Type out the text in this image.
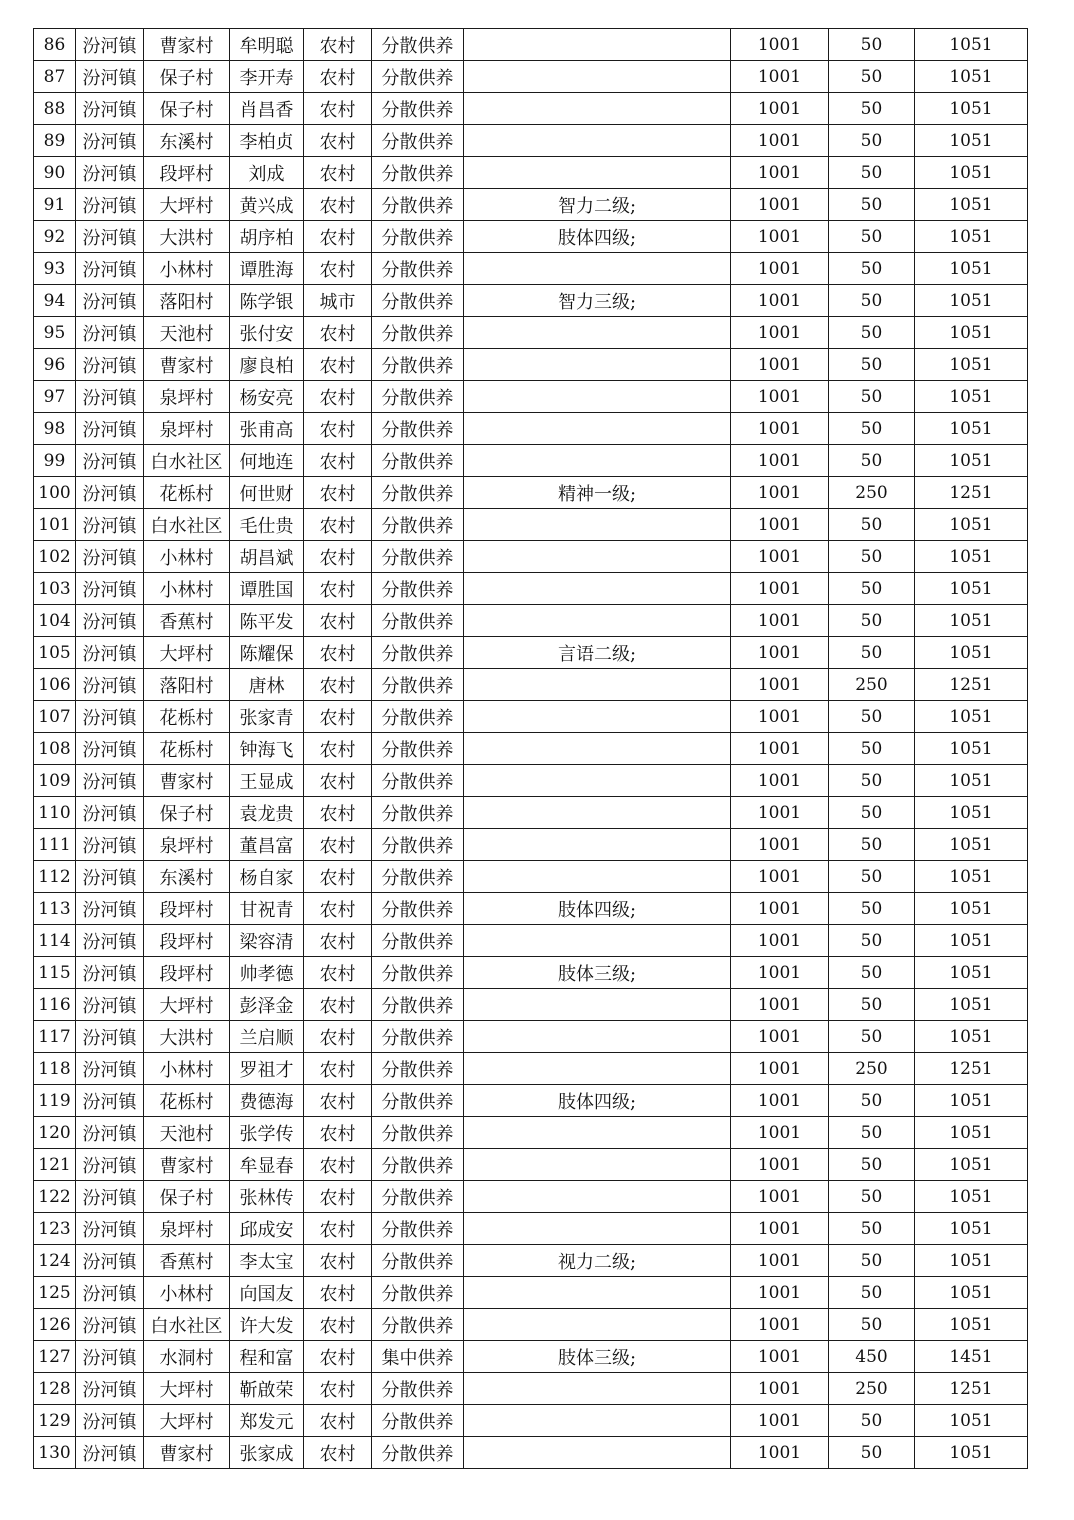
86	汾河镇	曹家村	牟明聪	农村	分散供养		1001	50	1051
87	汾河镇	保子村	李开寿	农村	分散供养		1001	50	1051
88	汾河镇	保子村	肖昌香	农村	分散供养		1001	50	1051
89	汾河镇	东溪村	李柏贞	农村	分散供养		1001	50	1051
90	汾河镇	段坪村	刘成	农村	分散供养		1001	50	1051
91	汾河镇	大坪村	黄兴成	农村	分散供养	智力二级;	1001	50	1051
92	汾河镇	大洪村	胡序柏	农村	分散供养	肢体四级;	1001	50	1051
93	汾河镇	小林村	谭胜海	农村	分散供养		1001	50	1051
94	汾河镇	落阳村	陈学银	城市	分散供养	智力三级;	1001	50	1051
95	汾河镇	天池村	张付安	农村	分散供养		1001	50	1051
96	汾河镇	曹家村	廖良柏	农村	分散供养		1001	50	1051
97	汾河镇	泉坪村	杨安亮	农村	分散供养		1001	50	1051
98	汾河镇	泉坪村	张甫高	农村	分散供养		1001	50	1051
99	汾河镇	白水社区	何地连	农村	分散供养		1001	50	1051
100	汾河镇	花栎村	何世财	农村	分散供养	精神一级;	1001	250	1251
101	汾河镇	白水社区	毛仕贵	农村	分散供养		1001	50	1051
102	汾河镇	小林村	胡昌斌	农村	分散供养		1001	50	1051
103	汾河镇	小林村	谭胜国	农村	分散供养		1001	50	1051
104	汾河镇	香蕉村	陈平发	农村	分散供养		1001	50	1051
105	汾河镇	大坪村	陈耀保	农村	分散供养	言语二级;	1001	50	1051
106	汾河镇	落阳村	唐林	农村	分散供养		1001	250	1251
107	汾河镇	花栎村	张家青	农村	分散供养		1001	50	1051
108	汾河镇	花栎村	钟海飞	农村	分散供养		1001	50	1051
109	汾河镇	曹家村	王显成	农村	分散供养		1001	50	1051
110	汾河镇	保子村	袁龙贵	农村	分散供养		1001	50	1051
111	汾河镇	泉坪村	董昌富	农村	分散供养		1001	50	1051
112	汾河镇	东溪村	杨自家	农村	分散供养		1001	50	1051
113	汾河镇	段坪村	甘祝青	农村	分散供养	肢体四级;	1001	50	1051
114	汾河镇	段坪村	梁容清	农村	分散供养		1001	50	1051
115	汾河镇	段坪村	帅孝德	农村	分散供养	肢体三级;	1001	50	1051
116	汾河镇	大坪村	彭泽金	农村	分散供养		1001	50	1051
117	汾河镇	大洪村	兰启顺	农村	分散供养		1001	50	1051
118	汾河镇	小林村	罗祖才	农村	分散供养		1001	250	1251
119	汾河镇	花栎村	费德海	农村	分散供养	肢体四级;	1001	50	1051
120	汾河镇	天池村	张学传	农村	分散供养		1001	50	1051
121	汾河镇	曹家村	牟显春	农村	分散供养		1001	50	1051
122	汾河镇	保子村	张林传	农村	分散供养		1001	50	1051
123	汾河镇	泉坪村	邱成安	农村	分散供养		1001	50	1051
124	汾河镇	香蕉村	李太宝	农村	分散供养	视力二级;	1001	50	1051
125	汾河镇	小林村	向国友	农村	分散供养		1001	50	1051
126	汾河镇	白水社区	许大发	农村	分散供养		1001	50	1051
127	汾河镇	水洞村	程和富	农村	集中供养	肢体三级;	1001	450	1451
128	汾河镇	大坪村	靳啟荣	农村	分散供养		1001	250	1251
129	汾河镇	大坪村	郑发元	农村	分散供养		1001	50	1051
130	汾河镇	曹家村	张家成	农村	分散供养		1001	50	1051
